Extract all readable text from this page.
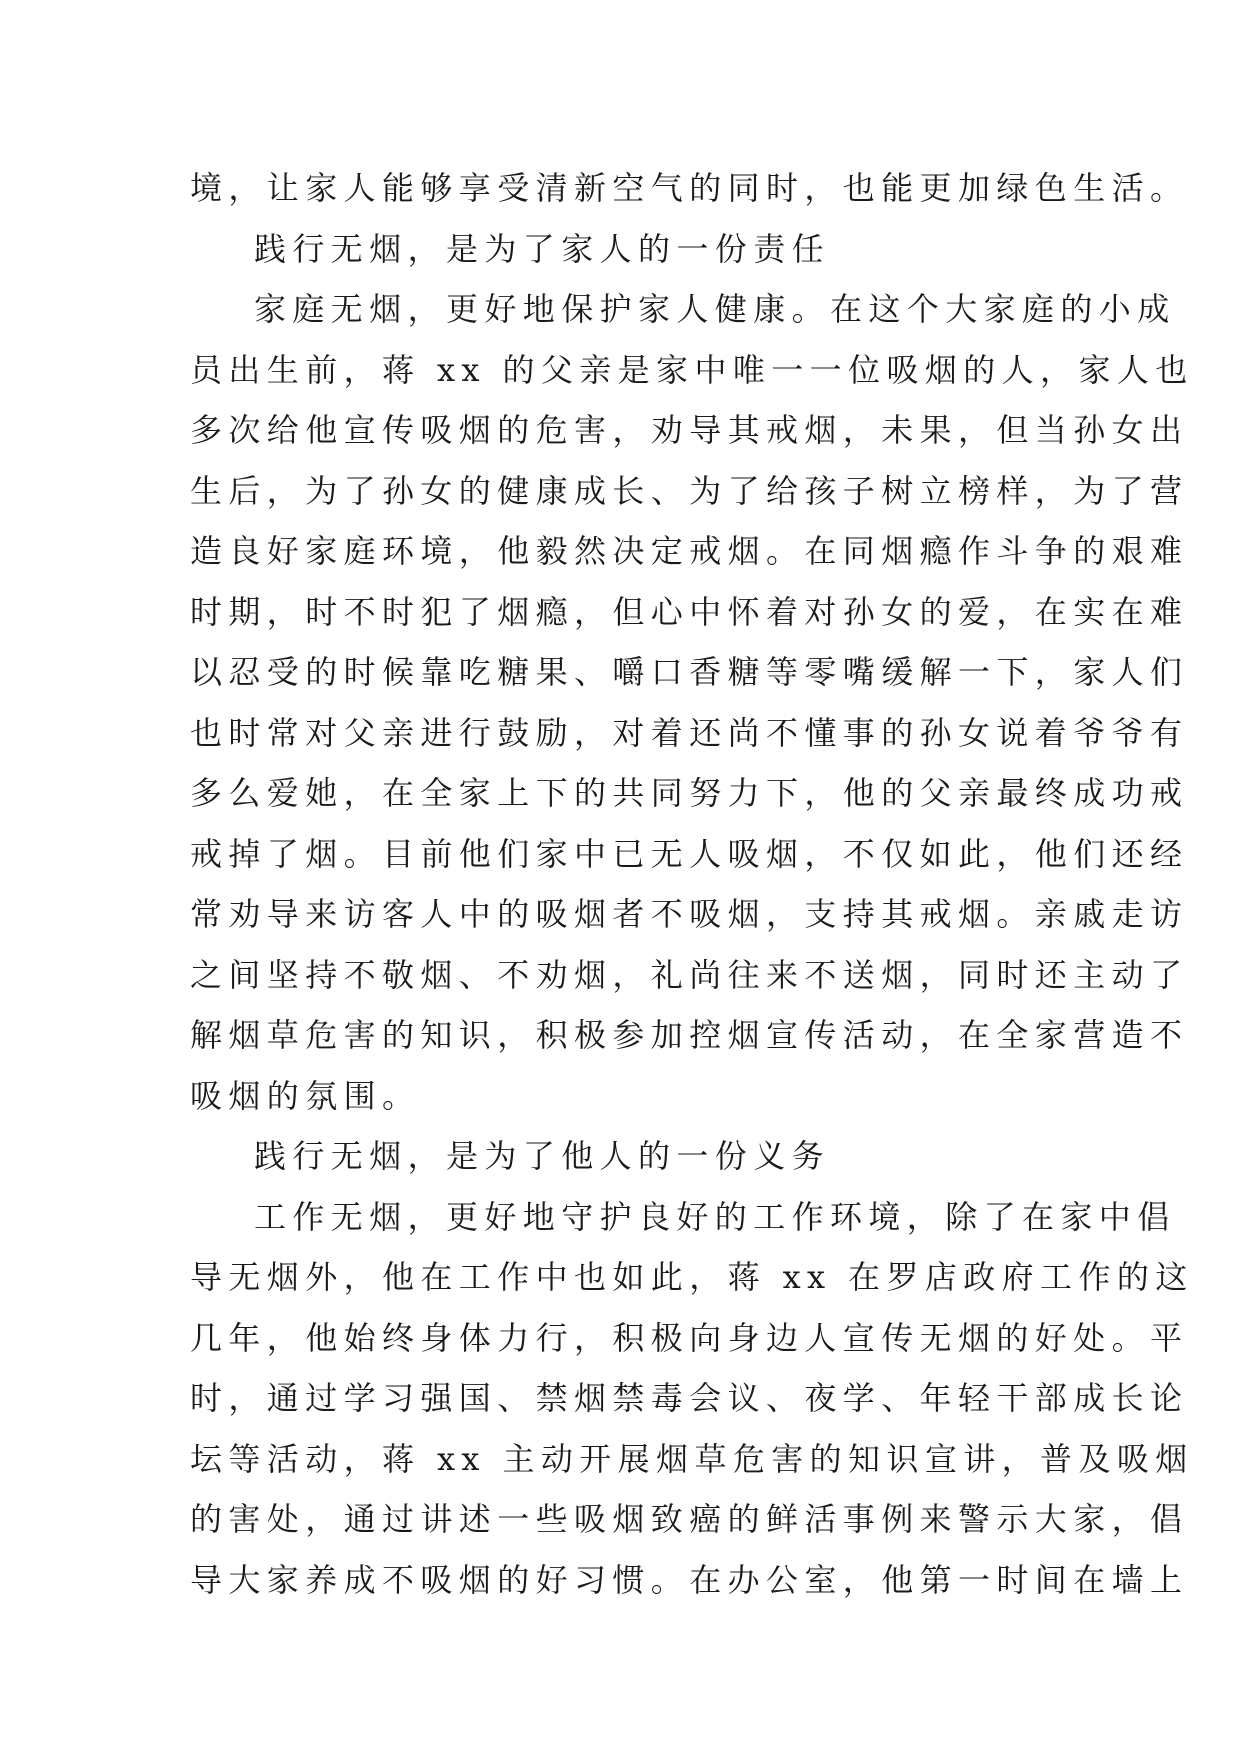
境，让家人能够享受清新空气的同时，也能更加绿色生活。
践行无烟，是为了家人的一份责任
家庭无烟，更好地保护家人健康。在这个大家庭的小成
员出生前，蒋 xx 的父亲是家中唯一一位吸烟的人，家人也
多次给他宣传吸烟的危害，劝导其戒烟，未果，但当孙女出
生后，为了孙女的健康成长、为了给孩子树立榜样，为了营
造良好家庭环境，他毅然决定戒烟。在同烟瘾作斗争的艰难
时期，时不时犯了烟瘾，但心中怀着对孙女的爱，在实在难
以忍受的时候靠吃糖果、嚼口香糖等零嘴缓解一下，家人们
也时常对父亲进行鼓励，对着还尚不懂事的孙女说着爷爷有
多么爱她，在全家上下的共同努力下，他的父亲最终成功戒
戒掉了烟。目前他们家中已无人吸烟，不仅如此，他们还经
常劝导来访客人中的吸烟者不吸烟，支持其戒烟。亲戚走访
之间坚持不敬烟、不劝烟，礼尚往来不送烟，同时还主动了
解烟草危害的知识，积极参加控烟宣传活动，在全家营造不
吸烟的氛围。
践行无烟，是为了他人的一份义务
工作无烟，更好地守护良好的工作环境，除了在家中倡
导无烟外，他在工作中也如此，蒋 xx 在罗店政府工作的这
几年，他始终身体力行，积极向身边人宣传无烟的好处。平
时，通过学习强国、禁烟禁毒会议、夜学、年轻干部成长论
坛等活动，蒋 xx 主动开展烟草危害的知识宣讲，普及吸烟
的害处，通过讲述一些吸烟致癌的鲜活事例来警示大家，倡
导大家养成不吸烟的好习惯。在办公室，他第一时间在墙上
